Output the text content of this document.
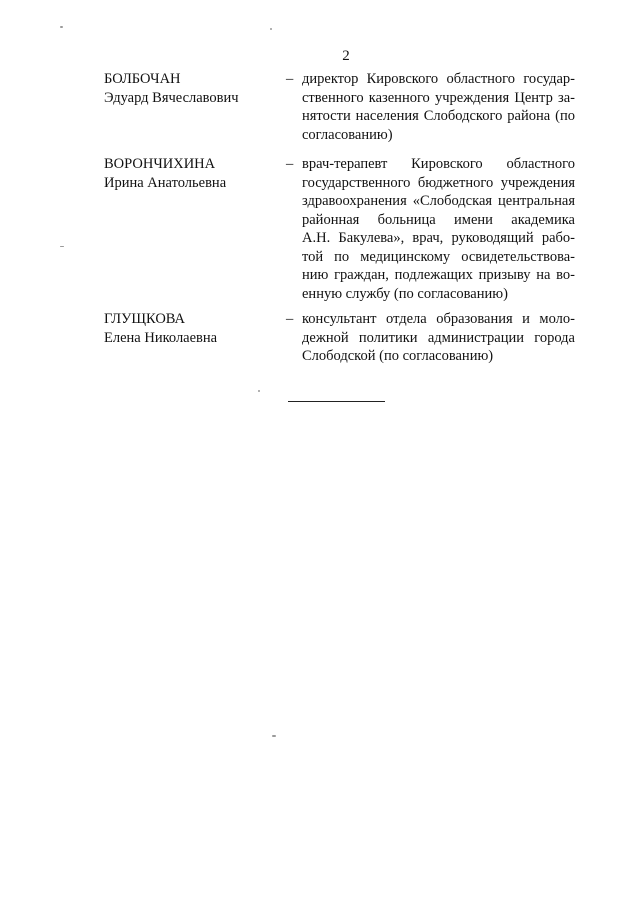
2
БОЛБОЧАН
Эдуард Вячеславович
– директор Кировского областного государ-
ственного казенного учреждения Центр за-
нятости населения Слободского района (по
согласованию)
ВОРОНЧИХИНА
Ирина Анатольевна
– врач-терапевт Кировского областного
государственного бюджетного учреждения
здравоохранения «Слободская центральная
районная больница имени академика
А.Н. Бакулева», врач, руководящий рабо-
той по медицинскому освидетельствова-
нию граждан, подлежащих призыву на во-
енную службу (по согласованию)
ГЛУЩКОВА
Елена Николаевна
– консультант отдела образования и моло-
дежной политики администрации города
Слободской (по согласованию)
